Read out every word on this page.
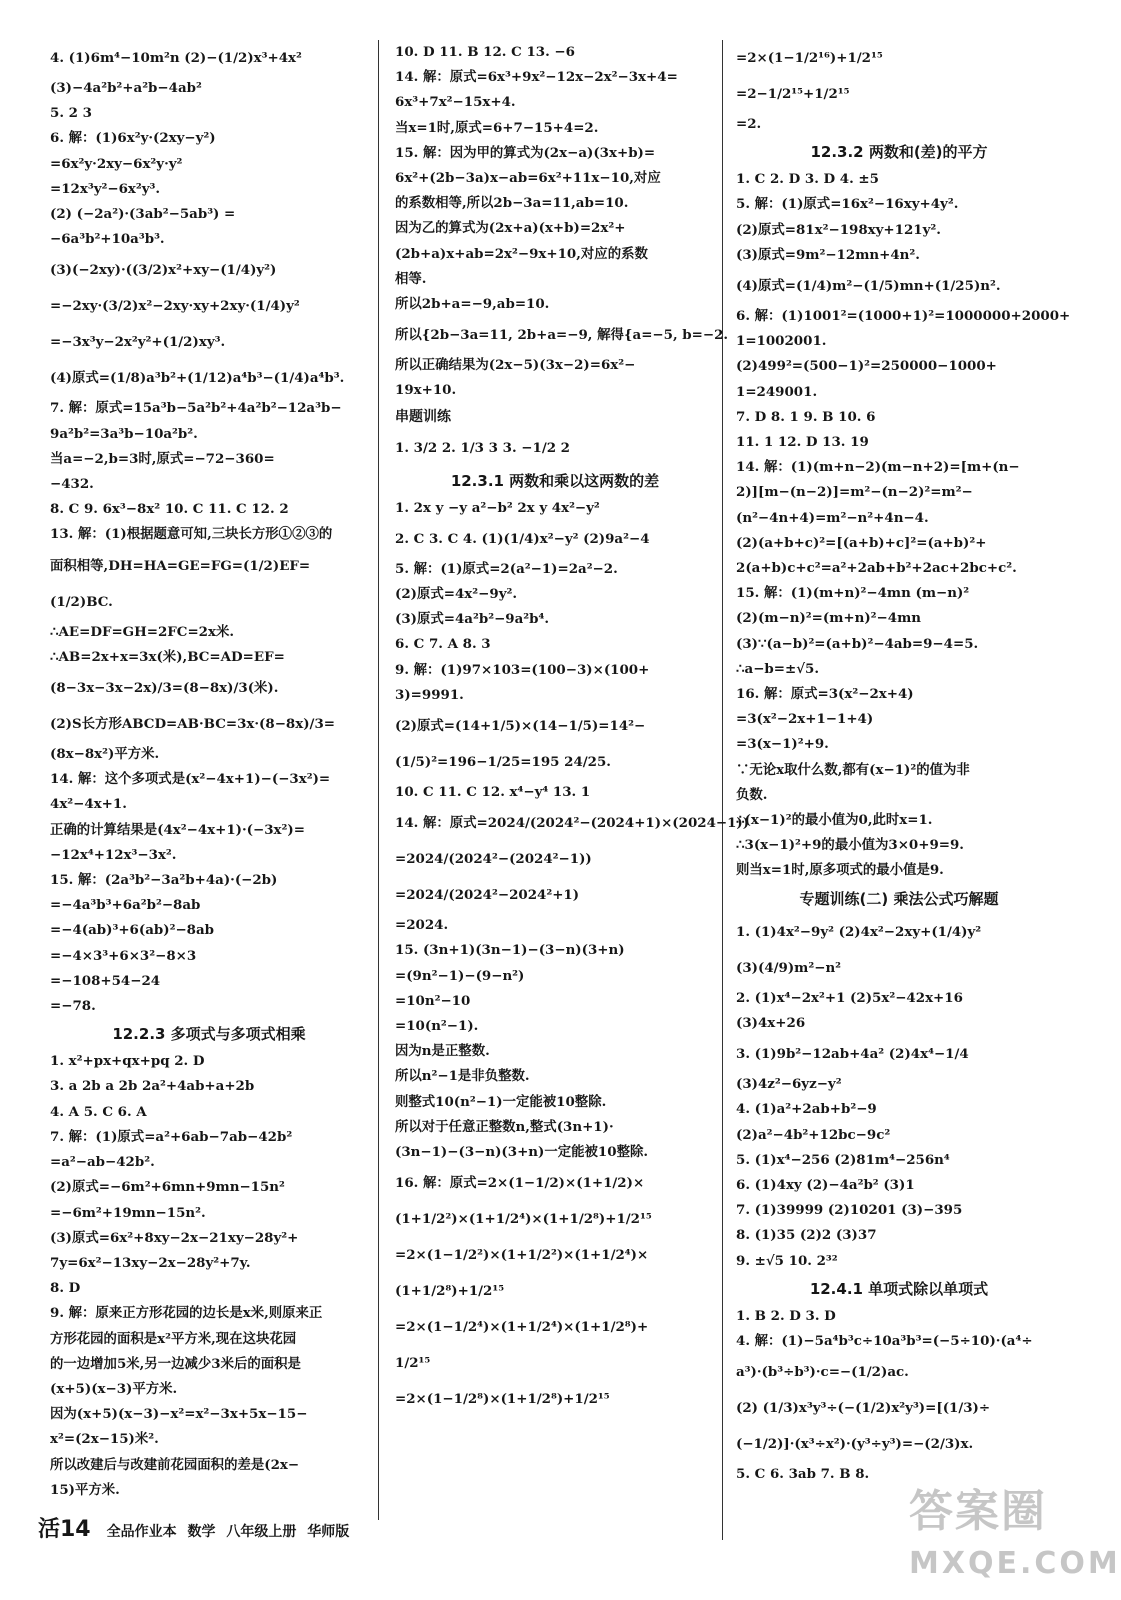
4. (1)6m⁴−10m²n (2)−(1/2)x³+4x²
(3)−4a²b²+a²b−4ab²
5. 2 3
6. 解：(1)6x²y·(2xy−y²)
=6x²y·2xy−6x²y·y²
=12x³y²−6x²y³.
(2) (−2a²)·(3ab²−5ab³) =
−6a³b²+10a³b³.
(3)(−2xy)·((3/2)x²+xy−(1/4)y²)
=−2xy·(3/2)x²−2xy·xy+2xy·(1/4)y²
=−3x³y−2x²y²+(1/2)xy³.
(4)原式=(1/8)a³b²+(1/12)a⁴b³−(1/4)a⁴b³.
7. 解：原式=15a³b−5a²b²+4a²b²−12a³b−
9a²b²=3a³b−10a²b².
当a=−2,b=3时,原式=−72−360=
−432.
8. C 9. 6x³−8x² 10. C 11. C 12. 2
13. 解：(1)根据题意可知,三块长方形①②③的
面积相等,DH=HA=GE=FG=(1/2)EF=
(1/2)BC.
∴AE=DF=GH=2FC=2x米.
∴AB=2x+x=3x(米),BC=AD=EF=
(8−3x−3x−2x)/3=(8−8x)/3(米).
(2)S长方形ABCD=AB·BC=3x·(8−8x)/3=
(8x−8x²)平方米.
14. 解：这个多项式是(x²−4x+1)−(−3x²)=
4x²−4x+1.
正确的计算结果是(4x²−4x+1)·(−3x²)=
−12x⁴+12x³−3x².
15. 解：(2a³b²−3a²b+4a)·(−2b)
=−4a³b³+6a²b²−8ab
=−4(ab)³+6(ab)²−8ab
=−4×3³+6×3²−8×3
=−108+54−24
=−78.
12.2.3 多项式与多项式相乘
1. x²+px+qx+pq 2. D
3. a 2b a 2b 2a²+4ab+a+2b
4. A 5. C 6. A
7. 解：(1)原式=a²+6ab−7ab−42b²
=a²−ab−42b².
(2)原式=−6m²+6mn+9mn−15n²
=−6m²+19mn−15n².
(3)原式=6x²+8xy−2x−21xy−28y²+
7y=6x²−13xy−2x−28y²+7y.
8. D
9. 解：原来正方形花园的边长是x米,则原来正
方形花园的面积是x²平方米,现在这块花园
的一边增加5米,另一边减少3米后的面积是
(x+5)(x−3)平方米.
因为(x+5)(x−3)−x²=x²−3x+5x−15−
x²=(2x−15)米².
所以改建后与改建前花园面积的差是(2x−
15)平方米.
10. D 11. B 12. C 13. −6
14. 解：原式=6x³+9x²−12x−2x²−3x+4=
6x³+7x²−15x+4.
当x=1时,原式=6+7−15+4=2.
15. 解：因为甲的算式为(2x−a)(3x+b)=
6x²+(2b−3a)x−ab=6x²+11x−10,对应
的系数相等,所以2b−3a=11,ab=10.
因为乙的算式为(2x+a)(x+b)=2x²+
(2b+a)x+ab=2x²−9x+10,对应的系数
相等.
所以2b+a=−9,ab=10.
所以{2b−3a=11, 2b+a=−9, 解得{a=−5, b=−2.
所以正确结果为(2x−5)(3x−2)=6x²−
19x+10.
串题训练
1. 3/2 2. 1/3 3 3. −1/2 2
12.3.1 两数和乘以这两数的差
1. 2x y −y a²−b² 2x y 4x²−y²
2. C 3. C 4. (1)(1/4)x²−y² (2)9a²−4
5. 解：(1)原式=2(a²−1)=2a²−2.
(2)原式=4x²−9y².
(3)原式=4a²b²−9a²b⁴.
6. C 7. A 8. 3
9. 解：(1)97×103=(100−3)×(100+
3)=9991.
(2)原式=(14+1/5)×(14−1/5)=14²−
(1/5)²=196−1/25=195 24/25.
10. C 11. C 12. x⁴−y⁴ 13. 1
14. 解：原式=2024/(2024²−(2024+1)×(2024−1))
=2024/(2024²−(2024²−1))
=2024/(2024²−2024²+1)
=2024.
15. (3n+1)(3n−1)−(3−n)(3+n)
=(9n²−1)−(9−n²)
=10n²−10
=10(n²−1).
因为n是正整数.
所以n²−1是非负整数.
则整式10(n²−1)一定能被10整除.
所以对于任意正整数n,整式(3n+1)·
(3n−1)−(3−n)(3+n)一定能被10整除.
16. 解：原式=2×(1−1/2)×(1+1/2)×
(1+1/2²)×(1+1/2⁴)×(1+1/2⁸)+1/2¹⁵
=2×(1−1/2²)×(1+1/2²)×(1+1/2⁴)×
(1+1/2⁸)+1/2¹⁵
=2×(1−1/2⁴)×(1+1/2⁴)×(1+1/2⁸)+
1/2¹⁵
=2×(1−1/2⁸)×(1+1/2⁸)+1/2¹⁵
=2×(1−1/2¹⁶)+1/2¹⁵
=2−1/2¹⁵+1/2¹⁵
=2.
12.3.2 两数和(差)的平方
1. C 2. D 3. D 4. ±5
5. 解：(1)原式=16x²−16xy+4y².
(2)原式=81x²−198xy+121y².
(3)原式=9m²−12mn+4n².
(4)原式=(1/4)m²−(1/5)mn+(1/25)n².
6. 解：(1)1001²=(1000+1)²=1000000+2000+
1=1002001.
(2)499²=(500−1)²=250000−1000+
1=249001.
7. D 8. 1 9. B 10. 6
11. 1 12. D 13. 19
14. 解：(1)(m+n−2)(m−n+2)=[m+(n−
2)][m−(n−2)]=m²−(n−2)²=m²−
(n²−4n+4)=m²−n²+4n−4.
(2)(a+b+c)²=[(a+b)+c]²=(a+b)²+
2(a+b)c+c²=a²+2ab+b²+2ac+2bc+c².
15. 解：(1)(m+n)²−4mn (m−n)²
(2)(m−n)²=(m+n)²−4mn
(3)∵(a−b)²=(a+b)²−4ab=9−4=5.
∴a−b=±√5.
16. 解：原式=3(x²−2x+4)
=3(x²−2x+1−1+4)
=3(x−1)²+9.
∵无论x取什么数,都有(x−1)²的值为非
负数.
∴(x−1)²的最小值为0,此时x=1.
∴3(x−1)²+9的最小值为3×0+9=9.
则当x=1时,原多项式的最小值是9.
专题训练(二) 乘法公式巧解题
1. (1)4x²−9y² (2)4x²−2xy+(1/4)y²
(3)(4/9)m²−n²
2. (1)x⁴−2x²+1 (2)5x²−42x+16
(3)4x+26
3. (1)9b²−12ab+4a² (2)4x⁴−1/4
(3)4z²−6yz−y²
4. (1)a²+2ab+b²−9
(2)a²−4b²+12bc−9c²
5. (1)x⁴−256 (2)81m⁴−256n⁴
6. (1)4xy (2)−4a²b² (3)1
7. (1)39999 (2)10201 (3)−395
8. (1)35 (2)2 (3)37
9. ±√5 10. 2³²
12.4.1 单项式除以单项式
1. B 2. D 3. D
4. 解：(1)−5a⁴b³c÷10a³b³=(−5÷10)·(a⁴÷
a³)·(b³÷b³)·c=−(1/2)ac.
(2) (1/3)x³y³÷(−(1/2)x²y³)=[(1/3)÷
(−1/2)]·(x³÷x²)·(y³÷y³)=−(2/3)x.
5. C 6. 3ab 7. B 8.
活14 全品作业本 数学 八年级上册 华师版	答案圈
MXQE.COM
